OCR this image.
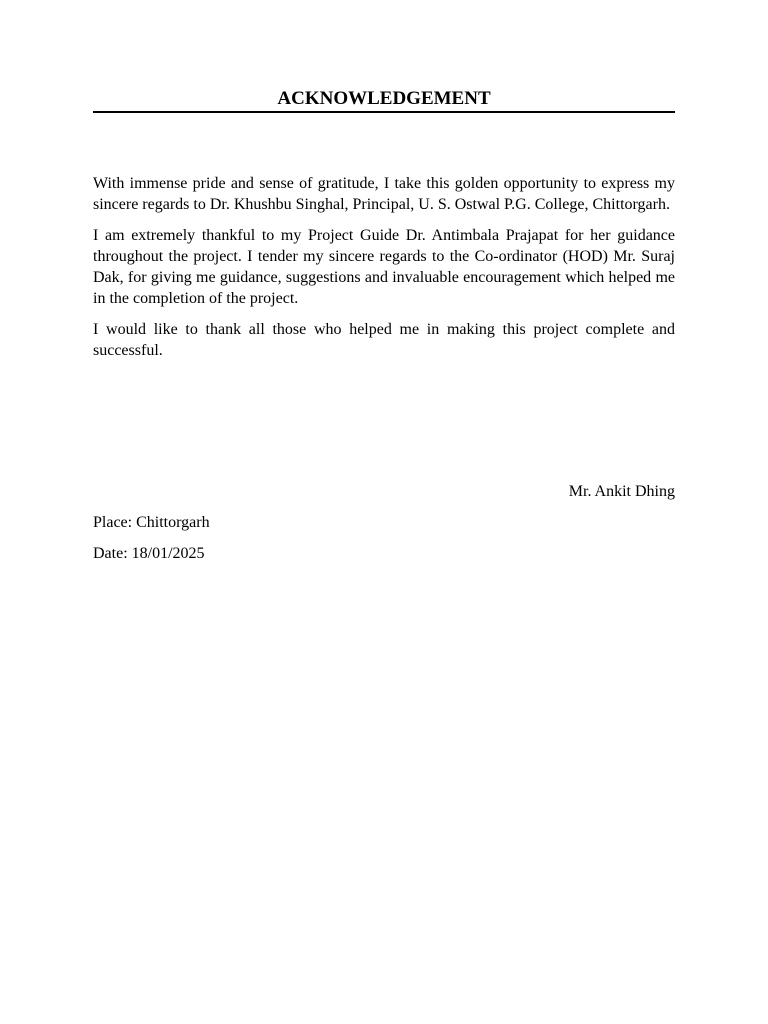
ACKNOWLEDGEMENT

With immense pride and sense of gratitude, I take this golden opportunity to express my sincere regards to Dr. Khushbu Singhal, Principal, U. S. Ostwal P.G. College, Chittorgarh.

I am extremely thankful to my Project Guide Dr. Antimbala Prajapat for her guidance throughout the project. I tender my sincere regards to the Co-ordinator (HOD) Mr. Suraj Dak, for giving me guidance, suggestions and invaluable encouragement which helped me in the completion of the project.

I would like to thank all those who helped me in making this project complete and successful.

Mr. Ankit Dhing

Place: Chittorgarh

Date: 18/01/2025
